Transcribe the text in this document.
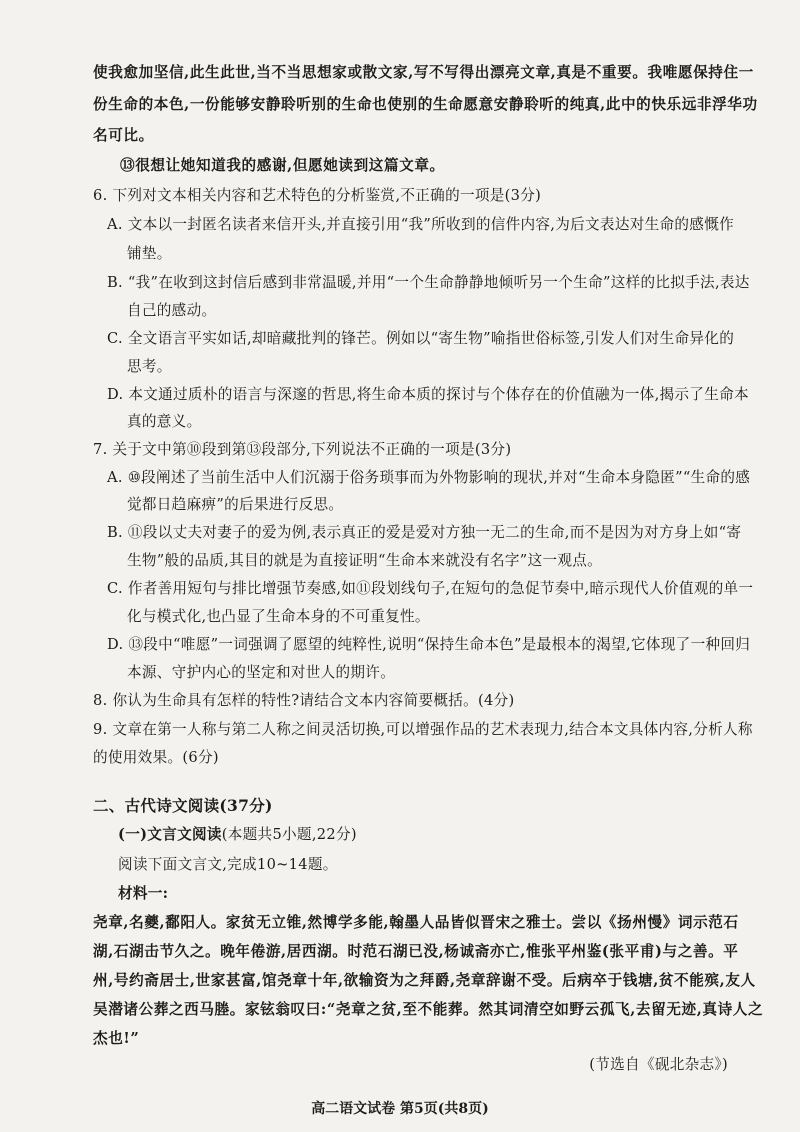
使我愈加坚信,此生此世,当不当思想家或散文家,写不写得出漂亮文章,真是不重要。我唯愿保持住一
份生命的本色,一份能够安静聆听别的生命也使别的生命愿意安静聆听的纯真,此中的快乐远非浮华功
名可比。
⑬很想让她知道我的感谢,但愿她读到这篇文章。
6. 下列对文本相关内容和艺术特色的分析鉴赏,不正确的一项是(3分)
A. 文本以一封匿名读者来信开头,并直接引用“我”所收到的信件内容,为后文表达对生命的感慨作
铺垫。
B. “我”在收到这封信后感到非常温暖,并用“一个生命静静地倾听另一个生命”这样的比拟手法,表达
自己的感动。
C. 全文语言平实如话,却暗藏批判的锋芒。例如以“寄生物”喻指世俗标签,引发人们对生命异化的
思考。
D. 本文通过质朴的语言与深邃的哲思,将生命本质的探讨与个体存在的价值融为一体,揭示了生命本
真的意义。
7. 关于文中第⑩段到第⑬段部分,下列说法不正确的一项是(3分)
A. ⑩段阐述了当前生活中人们沉溺于俗务琐事而为外物影响的现状,并对“生命本身隐匿”“生命的感
觉都日趋麻痹”的后果进行反思。
B. ⑪段以丈夫对妻子的爱为例,表示真正的爱是爱对方独一无二的生命,而不是因为对方身上如“寄
生物”般的品质,其目的就是为直接证明“生命本来就没有名字”这一观点。
C. 作者善用短句与排比增强节奏感,如⑪段划线句子,在短句的急促节奏中,暗示现代人价值观的单一
化与模式化,也凸显了生命本身的不可重复性。
D. ⑬段中“唯愿”一词强调了愿望的纯粹性,说明“保持生命本色”是最根本的渴望,它体现了一种回归
本源、守护内心的坚定和对世人的期许。
8. 你认为生命具有怎样的特性?请结合文本内容简要概括。(4分)
9. 文章在第一人称与第二人称之间灵活切换,可以增强作品的艺术表现力,结合本文具体内容,分析人称
的使用效果。(6分)
二、古代诗文阅读(37分)
(一)文言文阅读(本题共5小题,22分)
阅读下面文言文,完成10~14题。
材料一:
尧章,名夔,鄱阳人。家贫无立锥,然博学多能,翰墨人品皆似晋宋之雅士。尝以《扬州慢》词示范石
湖,石湖击节久之。晚年倦游,居西湖。时范石湖已没,杨诚斋亦亡,惟张平州鉴(张平甫)与之善。平
州,号约斋居士,世家甚富,馆尧章十年,欲输资为之拜爵,尧章辞谢不受。后病卒于钱塘,贫不能殡,友人
吴潜诸公葬之西马塍。家铉翁叹曰:“尧章之贫,至不能葬。然其词清空如野云孤飞,去留无迹,真诗人之
杰也!”
(节选自《砚北杂志》)
高二语文试卷 第5页(共8页)
